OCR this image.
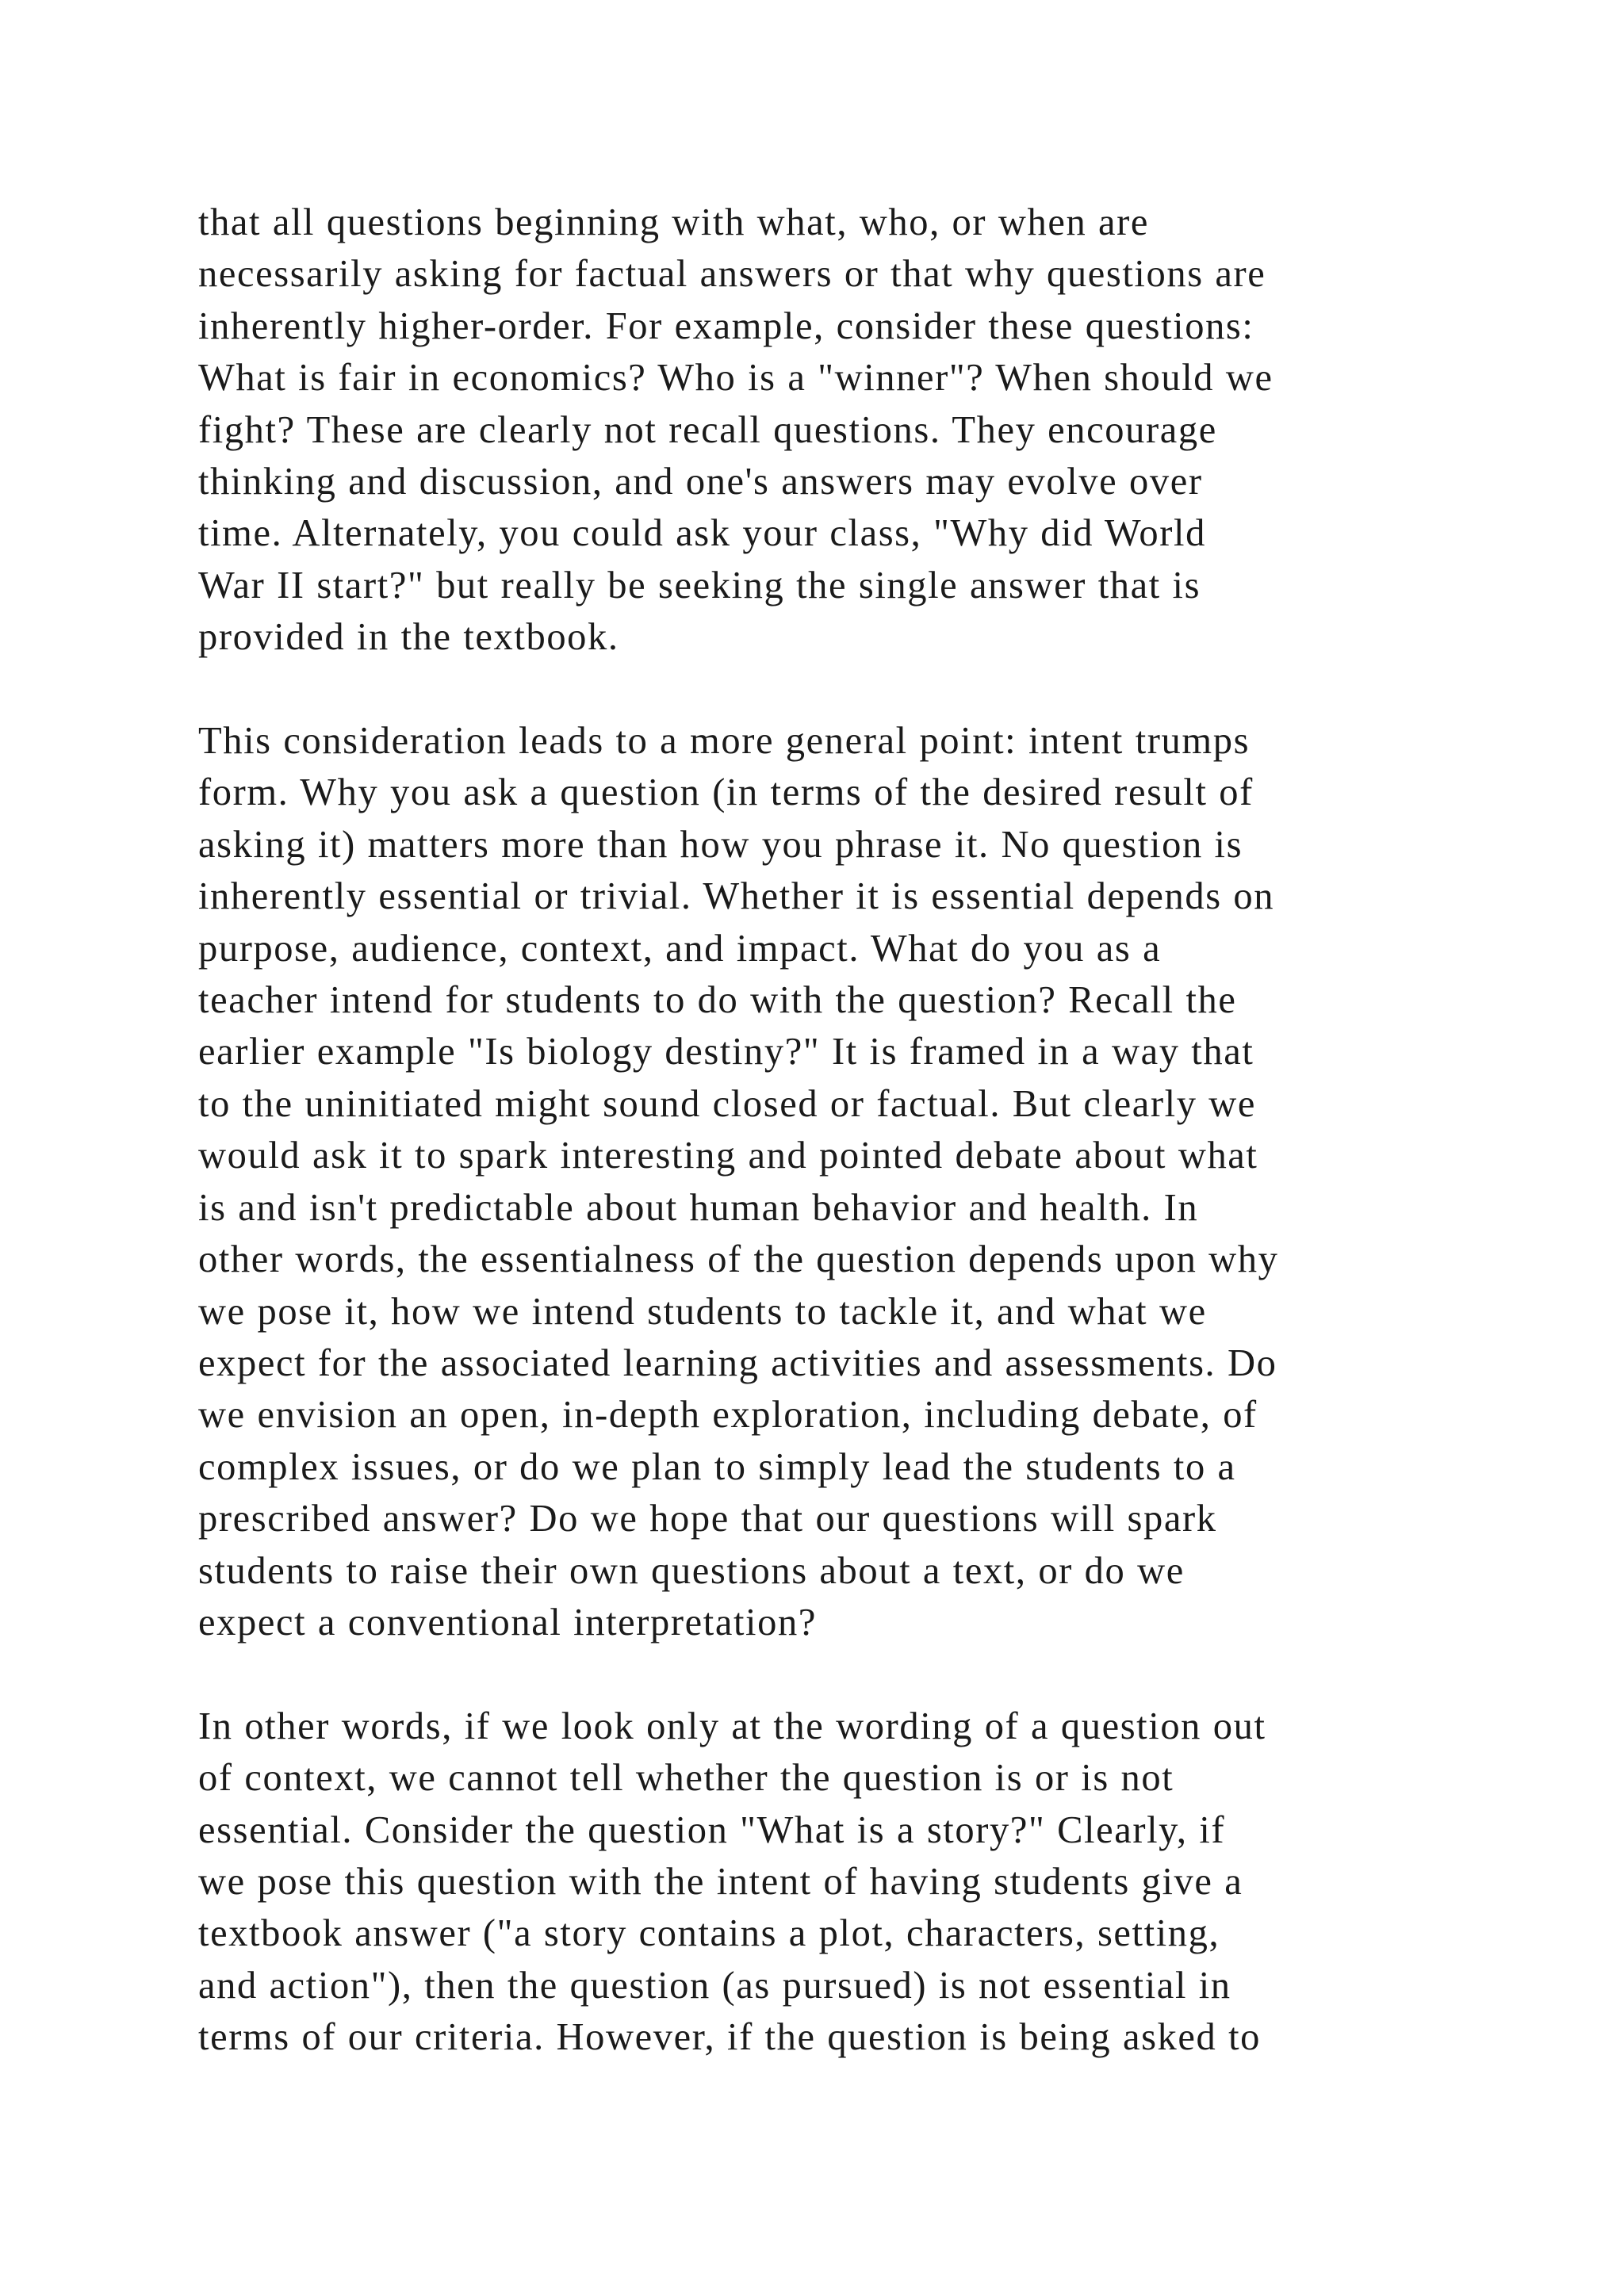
that all questions beginning with what, who, or when are
necessarily asking for factual answers or that why questions are
inherently higher-order. For example, consider these questions:
What is fair in economics? Who is a "winner"? When should we
fight? These are clearly not recall questions. They encourage
thinking and discussion, and one's answers may evolve over
time. Alternately, you could ask your class, "Why did World
War II start?" but really be seeking the single answer that is
provided in the textbook.

This consideration leads to a more general point: intent trumps
form. Why you ask a question (in terms of the desired result of
asking it) matters more than how you phrase it. No question is
inherently essential or trivial. Whether it is essential depends on
purpose, audience, context, and impact. What do you as a
teacher intend for students to do with the question? Recall the
earlier example "Is biology destiny?" It is framed in a way that
to the uninitiated might sound closed or factual. But clearly we
would ask it to spark interesting and pointed debate about what
is and isn't predictable about human behavior and health. In
other words, the essentialness of the question depends upon why
we pose it, how we intend students to tackle it, and what we
expect for the associated learning activities and assessments. Do
we envision an open, in-depth exploration, including debate, of
complex issues, or do we plan to simply lead the students to a
prescribed answer? Do we hope that our questions will spark
students to raise their own questions about a text, or do we
expect a conventional interpretation?

In other words, if we look only at the wording of a question out
of context, we cannot tell whether the question is or is not
essential. Consider the question "What is a story?" Clearly, if
we pose this question with the intent of having students give a
textbook answer ("a story contains a plot, characters, setting,
and action"), then the question (as pursued) is not essential in
terms of our criteria. However, if the question is being asked to
